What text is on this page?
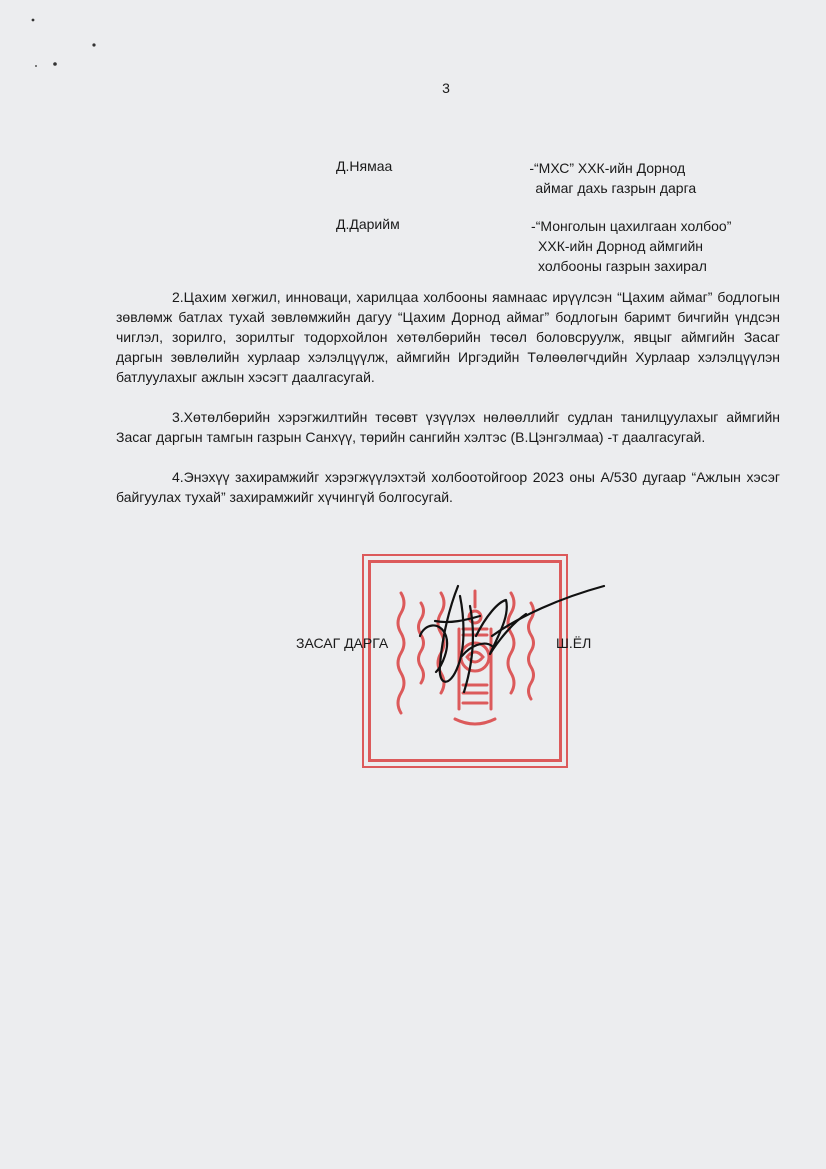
3
Д.Нямаа	-“МХС” ХХК-ийн Дорнод
аймаг дахь газрын дарга
Д.Дарийм	-“Монголын цахилгаан холбоо”
ХХК-ийн Дорнод аймгийн
холбооны газрын захирал

2.Цахим хөгжил, инноваци, харилцаа холбооны яамнаас ирүүлсэн “Цахим аймаг” бодлогын зөвлөмж батлах тухай зөвлөмжийн дагуу “Цахим Дорнод аймаг” бодлогын баримт бичгийн үндсэн чиглэл, зорилго, зорилтыг тодорхойлон хөтөлбөрийн төсөл боловсруулж, явцыг аймгийн Засаг даргын зөвлөлийн хурлаар хэлэлцүүлж, аймгийн Иргэдийн Төлөөлөгчдийн Хурлаар хэлэлцүүлэн батлуулахыг ажлын хэсэгт даалгасугай.

3.Хөтөлбөрийн хэрэгжилтийн төсөвт үзүүлэх нөлөөллийг судлан танилцуулахыг аймгийн Засаг даргын тамгын газрын Санхүү, төрийн сангийн хэлтэс (В.Цэнгэлмаа) -т даалгасугай.

4.Энэхүү захирамжийг хэрэгжүүлэхтэй холбоотойгоор 2023 оны А/530 дугаар “Ажлын хэсэг байгуулах тухай” захирамжийг хүчингүй болгосугай.

ЗАСАГ ДАРГА	Ш.ЁЛ
